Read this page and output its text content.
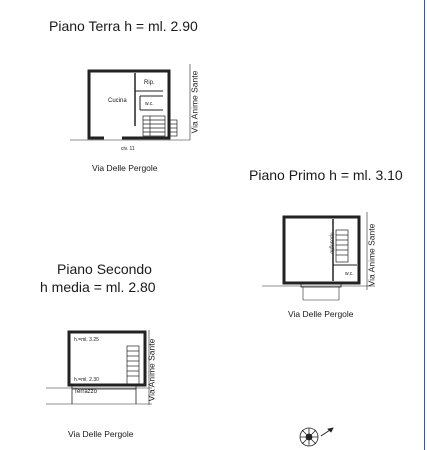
Piano Terra h = ml. 2.90
Piano Primo h = ml. 3.10
Piano Secondo
h media = ml. 2.80
Cucina
Rip.
w.c.
civ. 11
Via Anime Sante
Via Delle Pergole
ripostiglio
w.c. Via Anime Sante
Via Delle Pergole
h.=ml. 3.25
h.=ml. 2.30
Terrazzo	Via Anime Sante
Via Delle Pergole
